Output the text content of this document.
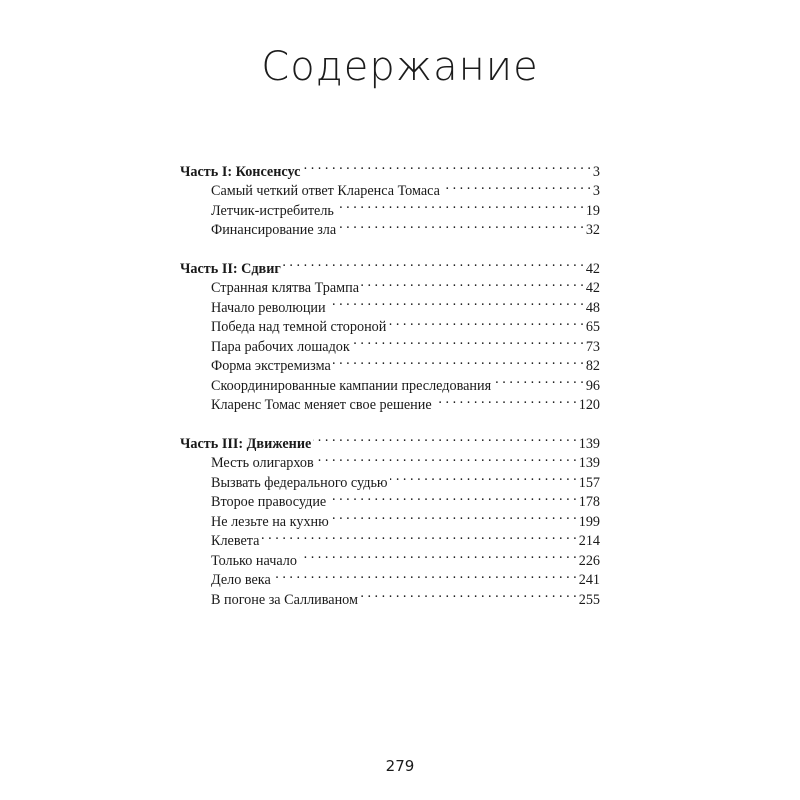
Содержание
Часть I: Консенсус . . .	3
Самый четкий ответ Кларенса Томаса . . .	3
Летчик-истребитель . . .	19
Финансирование зла . . .	32
Часть II: Сдвиг . . .	42
Странная клятва Трампа . . .	42
Начало революции . . .	48
Победа над темной стороной . . .	65
Пара рабочих лошадок . . .	73
Форма экстремизма . . .	82
Скоординированные кампании преследования . . .	96
Кларенс Томас меняет свое решение . . .	120
Часть III: Движение . . .	139
Месть олигархов . . .	139
Вызвать федерального судью . . .	157
Второе правосудие . . .	178
Не лезьте на кухню . . .	199
Клевета . . .	214
Только начало . . .	226
Дело века . . .	241
В погоне за Салливаном . . .	255
279
